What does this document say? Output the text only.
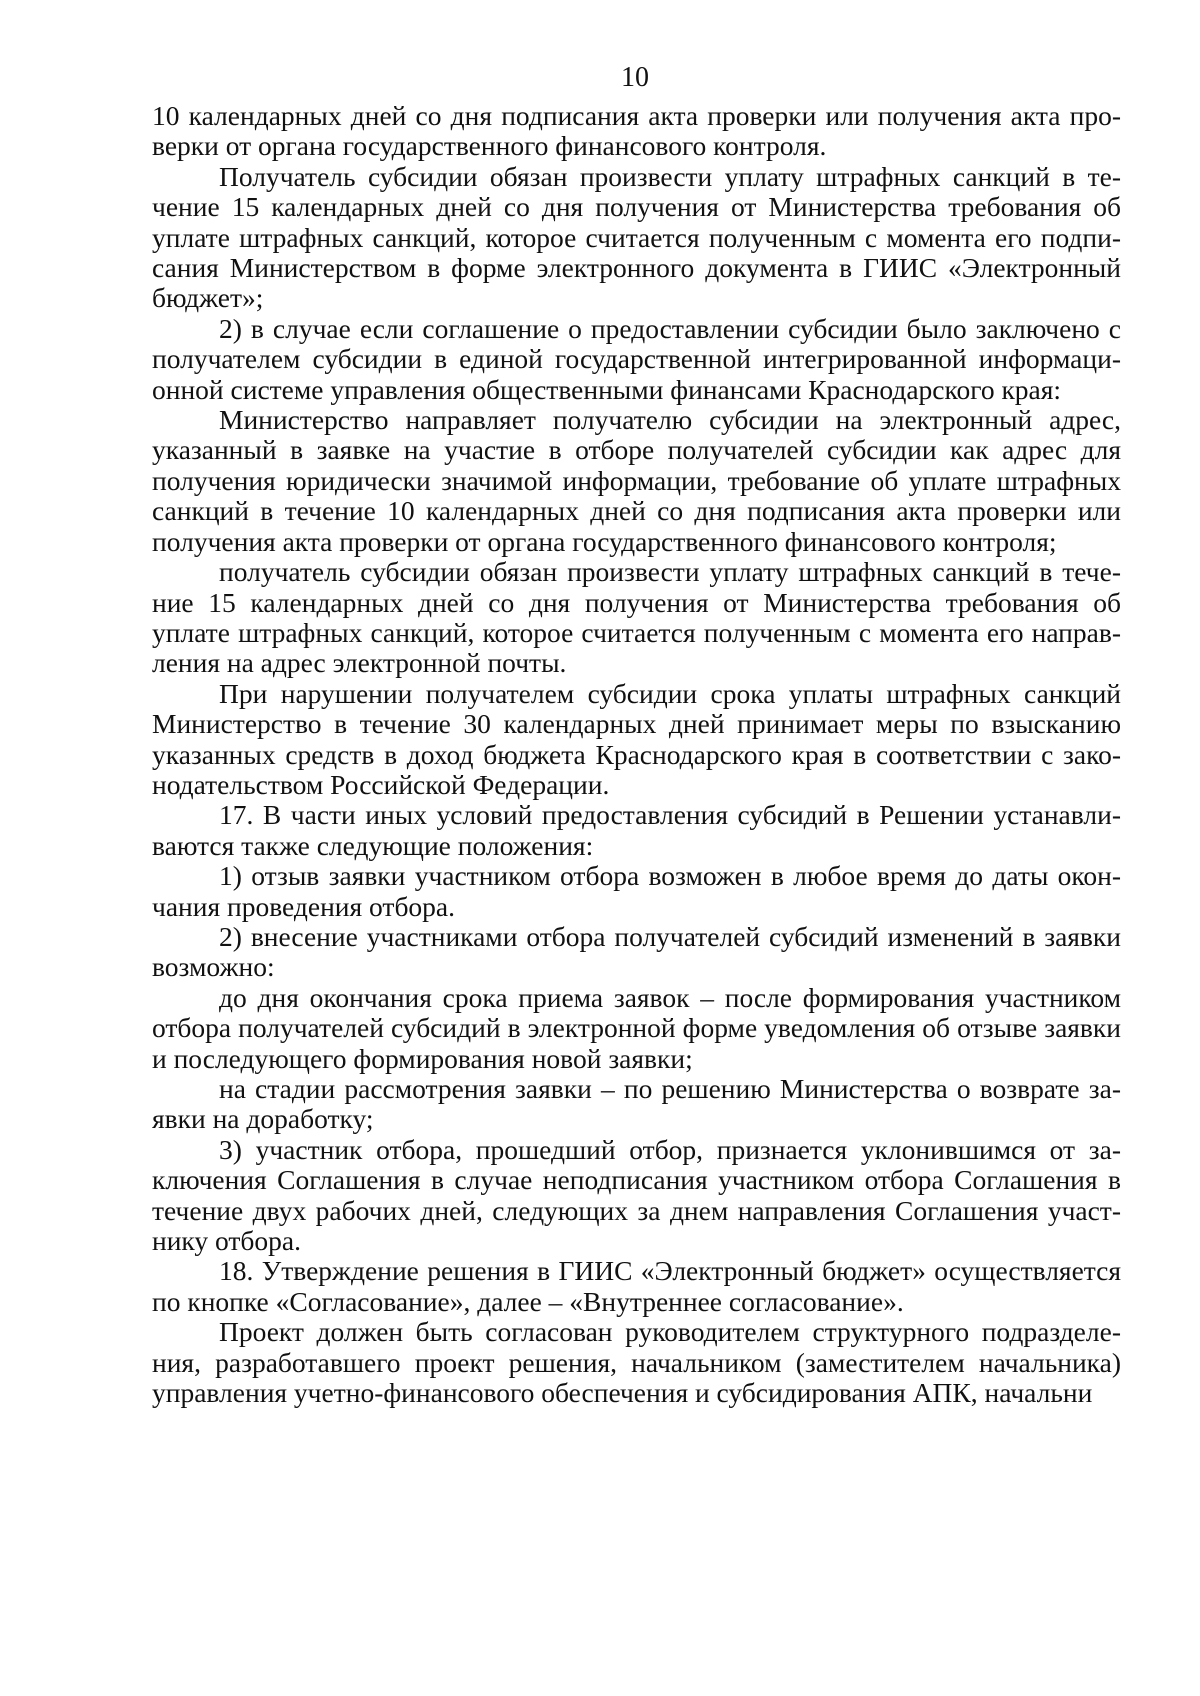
10

10 календарных дней со дня подписания акта проверки или получения акта проверки от органа государственного финансового контроля.

Получатель субсидии обязан произвести уплату штрафных санкций в течение 15 календарных дней со дня получения от Министерства требования об уплате штрафных санкций, которое считается полученным с момента его подписания Министерством в форме электронного документа в ГИИС «Электронный бюджет»;

2) в случае если соглашение о предоставлении субсидии было заключено с получателем субсидии в единой государственной интегрированной информационной системе управления общественными финансами Краснодарского края:

Министерство направляет получателю субсидии на электронный адрес, указанный в заявке на участие в отборе получателей субсидии как адрес для получения юридически значимой информации, требование об уплате штрафных санкций в течение 10 календарных дней со дня подписания акта проверки или получения акта проверки от органа государственного финансового контроля;

получатель субсидии обязан произвести уплату штрафных санкций в течение 15 календарных дней со дня получения от Министерства требования об уплате штрафных санкций, которое считается полученным с момента его направления на адрес электронной почты.

При нарушении получателем субсидии срока уплаты штрафных санкций Министерство в течение 30 календарных дней принимает меры по взысканию указанных средств в доход бюджета Краснодарского края в соответствии с законодательством Российской Федерации.

17. В части иных условий предоставления субсидий в Решении устанавливаются также следующие положения:

1) отзыв заявки участником отбора возможен в любое время до даты окончания проведения отбора.

2) внесение участниками отбора получателей субсидий изменений в заявки возможно:

до дня окончания срока приема заявок – после формирования участником отбора получателей субсидий в электронной форме уведомления об отзыве заявки и последующего формирования новой заявки;

на стадии рассмотрения заявки – по решению Министерства о возврате заявки на доработку;

3) участник отбора, прошедший отбор, признается уклонившимся от заключения Соглашения в случае неподписания участником отбора Соглашения в течение двух рабочих дней, следующих за днем направления Соглашения участнику отбора.

18. Утверждение решения в ГИИС «Электронный бюджет» осуществляется по кнопке «Согласование», далее – «Внутреннее согласование».

Проект должен быть согласован руководителем структурного подразделения, разработавшего проект решения, начальником (заместителем начальника) управления учетно-финансового обеспечения и субсидирования АПК, начальни
